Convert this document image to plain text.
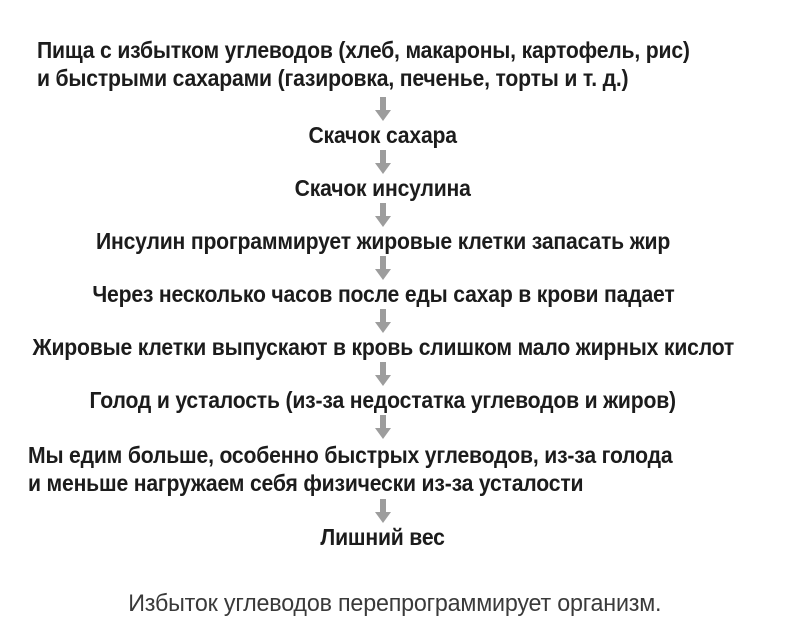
Пища с избытком углеводов (хлеб, макароны, картофель, рис)
и быстрыми сахарами (газировка, печенье, торты и т. д.)
Скачок сахара
Скачок инсулина
Инсулин программирует жировые клетки запасать жир
Через несколько часов после еды сахар в крови падает
Жировые клетки выпускают в кровь слишком мало жирных кислот
Голод и усталость (из-за недостатка углеводов и жиров)
Мы едим больше, особенно быстрых углеводов, из-за голода
и меньше нагружаем себя физически из-за усталости
Лишний вес
Избыток углеводов перепрограммирует организм.
